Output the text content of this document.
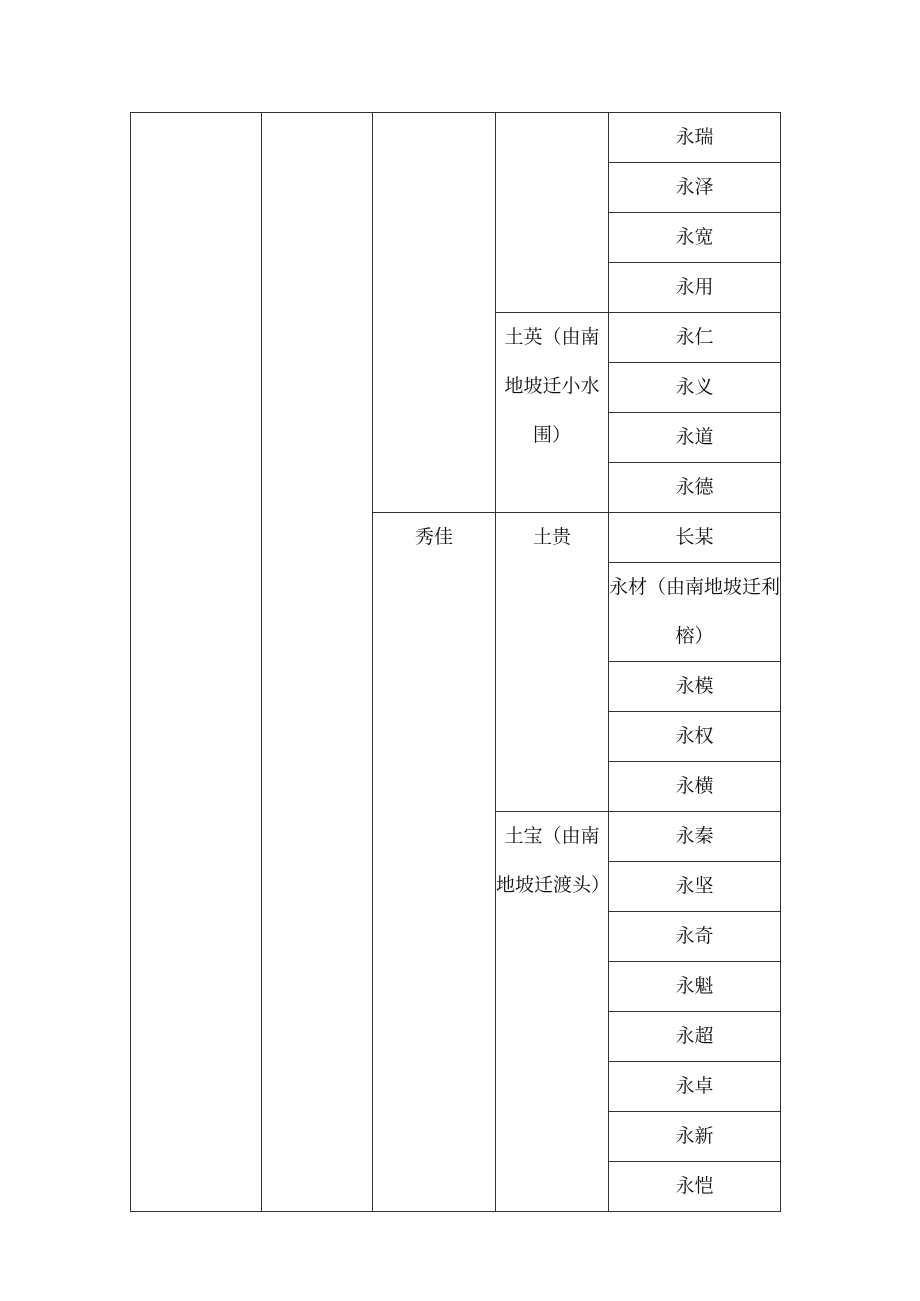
				永瑞
				永泽
				永宽
				永用
			土英（由南地坡迁小水围）	永仁
				永义
				永道
				永德
		秀佳	土贵	长某
				永材（由南地坡迁利榕）
				永模
				永权
				永横
			土宝（由南地坡迁渡头）	永秦
				永坚
				永奇
				永魁
				永超
				永卓
				永新
				永恺
